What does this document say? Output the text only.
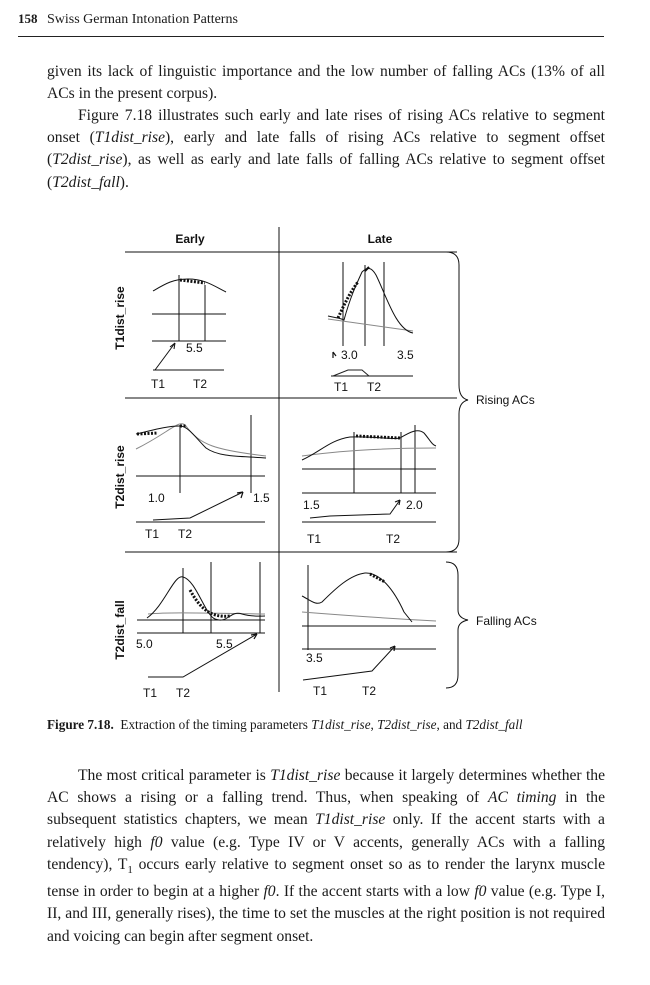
158 Swiss German Intonation Patterns

given its lack of linguistic importance and the low number of falling ACs (13% of all ACs in the present corpus).

Figure 7.18 illustrates such early and late rises of rising ACs relative to segment onset (T1dist_rise), early and late falls of rising ACs relative to segment offset (T2dist_rise), as well as early and late falls of falling ACs relative to segment offset (T2dist_fall).

Early	Late
T1dist_rise
T2dist_rise
T2dist_fall
Rising ACs
Falling ACs
5.5
T1 T2
3.0	3.5
T1 T2
1.0	1.5
T1 T2
1.5	2.0
T1	T2
5.0	5.5
T1 T2
3.5
T1	T2
Figure 7.18. Extraction of the timing parameters T1dist_rise, T2dist_rise, and T2dist_fall

The most critical parameter is T1dist_rise because it largely determines whether the AC shows a rising or a falling trend. Thus, when speaking of AC timing in the subsequent statistics chapters, we mean T1dist_rise only. If the accent starts with a relatively high f0 value (e.g. Type IV or V accents, generally ACs with a falling tendency), $T_1$ occurs early relative to segment onset so as to render the larynx muscle tense in order to begin at a higher f0. If the accent starts with a low f0 value (e.g. Type I, II, and III, generally rises), the time to set the muscles at the right position is not required and voicing can begin after segment onset.
